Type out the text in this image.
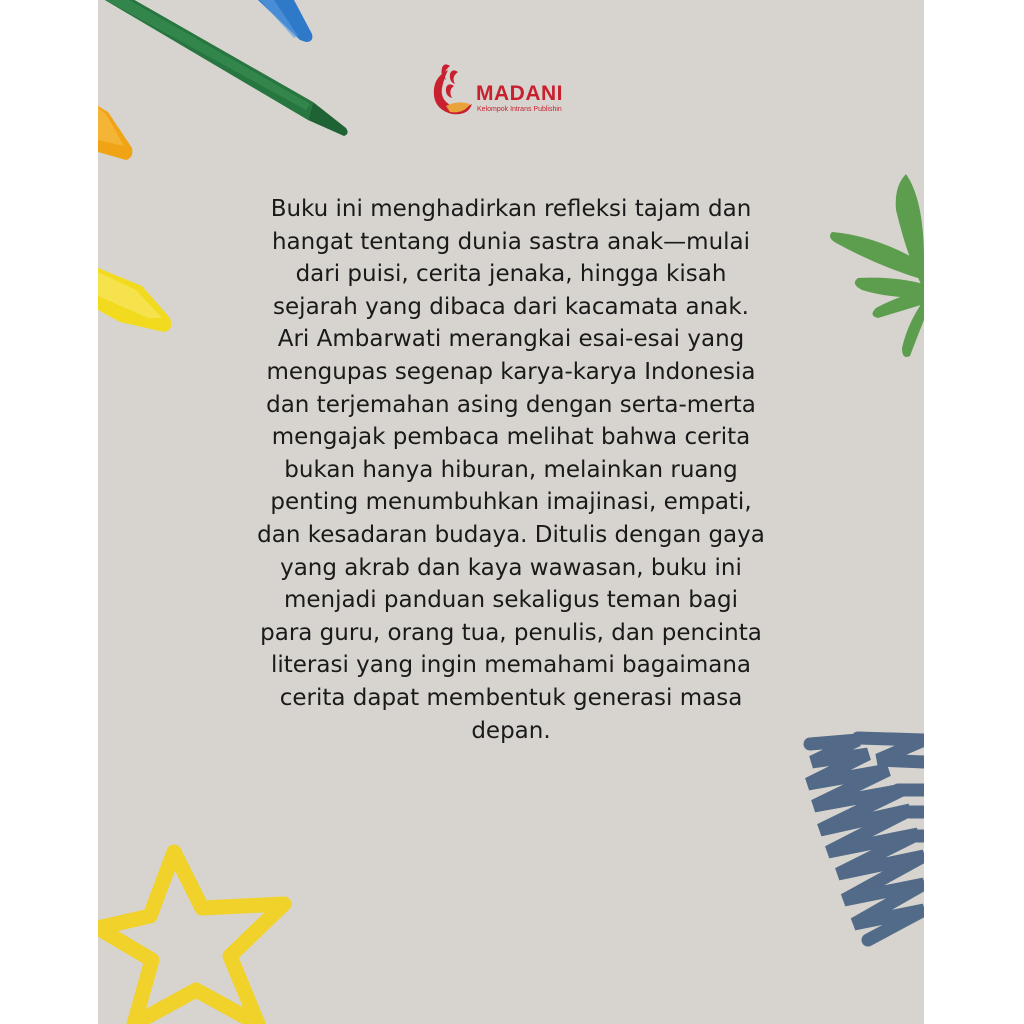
MADANI
Kelompok Intrans Publishin

Buku ini menghadirkan refleksi tajam dan
hangat tentang dunia sastra anak—mulai
dari puisi, cerita jenaka, hingga kisah
sejarah yang dibaca dari kacamata anak.
Ari Ambarwati merangkai esai-esai yang
mengupas segenap karya-karya Indonesia
dan terjemahan asing dengan serta-merta
mengajak pembaca melihat bahwa cerita
bukan hanya hiburan, melainkan ruang
penting menumbuhkan imajinasi, empati,
dan kesadaran budaya. Ditulis dengan gaya
yang akrab dan kaya wawasan, buku ini
menjadi panduan sekaligus teman bagi
para guru, orang tua, penulis, dan pencinta
literasi yang ingin memahami bagaimana
cerita dapat membentuk generasi masa
depan.
